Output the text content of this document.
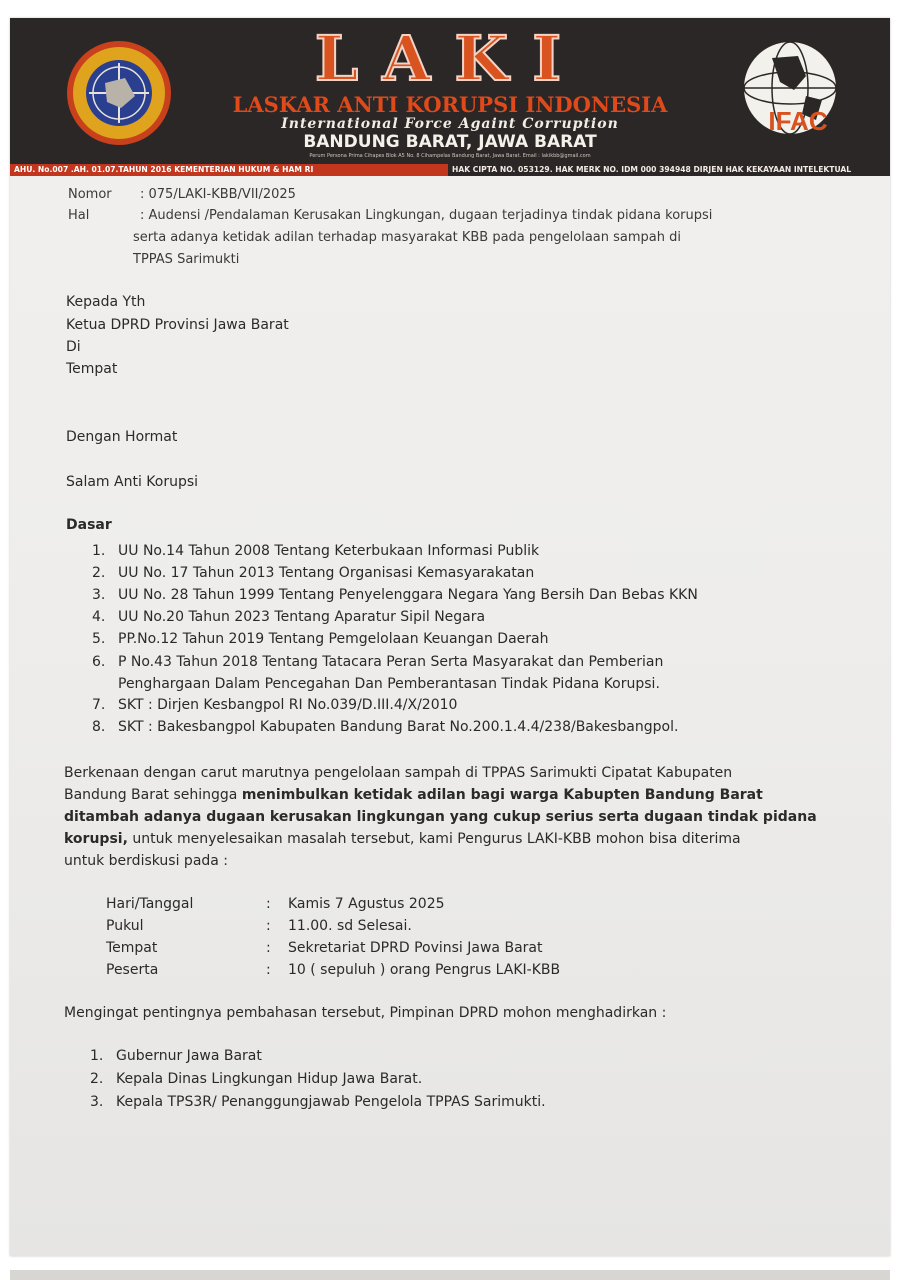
LAKI
LASKAR ANTI KORUPSI INDONESIA
International Force Againt Corruption
BANDUNG BARAT, JAWA BARAT
Perum Persona Prima Cihapes Blok A5 No. 8 Cihampelas Bandung Barat, Jawa Barat. Email : lakikbb@gmail.com
IFAC
AHU. No.007 .AH. 01.07.TAHUN 2016 KEMENTERIAN HUKUM & HAM RI	HAK CIPTA NO. 053129. HAK MERK NO. IDM 000 394948 DIRJEN HAK KEKAYAAN INTELEKTUAL
Nomor : 075/LAKI-KBB/VII/2025
Hal	: Audensi /Pendalaman Kerusakan Lingkungan, dugaan terjadinya tindak pidana korupsi
serta adanya ketidak adilan terhadap masyarakat KBB pada pengelolaan sampah di
TPPAS Sarimukti
Kepada Yth
Ketua DPRD Provinsi Jawa Barat
Di
Tempat
Dengan Hormat
Salam Anti Korupsi
Dasar
1. UU No.14 Tahun 2008 Tentang Keterbukaan Informasi Publik
2. UU No. 17 Tahun 2013 Tentang Organisasi Kemasyarakatan
3. UU No. 28 Tahun 1999 Tentang Penyelenggara Negara Yang Bersih Dan Bebas KKN
4. UU No.20 Tahun 2023 Tentang Aparatur Sipil Negara
5. PP.No.12 Tahun 2019 Tentang Pemgelolaan Keuangan Daerah
6. P No.43 Tahun 2018 Tentang Tatacara Peran Serta Masyarakat dan Pemberian
Penghargaan Dalam Pencegahan Dan Pemberantasan Tindak Pidana Korupsi.
7. SKT : Dirjen Kesbangpol RI No.039/D.III.4/X/2010
8. SKT : Bakesbangpol Kabupaten Bandung Barat No.200.1.4.4/238/Bakesbangpol.
Berkenaan dengan carut marutnya pengelolaan sampah di TPPAS Sarimukti Cipatat Kabupaten
Bandung Barat sehingga menimbulkan ketidak adilan bagi warga Kabupten Bandung Barat
ditambah adanya dugaan kerusakan lingkungan yang cukup serius serta dugaan tindak pidana
korupsi, untuk menyelesaikan masalah tersebut, kami Pengurus LAKI-KBB mohon bisa diterima
untuk berdiskusi pada :
Hari/Tanggal	: Kamis 7 Agustus 2025
Pukul	: 11.00. sd Selesai.
Tempat	: Sekretariat DPRD Povinsi Jawa Barat
Peserta	: 10 ( sepuluh ) orang Pengrus LAKI-KBB
Mengingat pentingnya pembahasan tersebut, Pimpinan DPRD mohon menghadirkan :
1. Gubernur Jawa Barat
2. Kepala Dinas Lingkungan Hidup Jawa Barat.
3. Kepala TPS3R/ Penanggungjawab Pengelola TPPAS Sarimukti.
